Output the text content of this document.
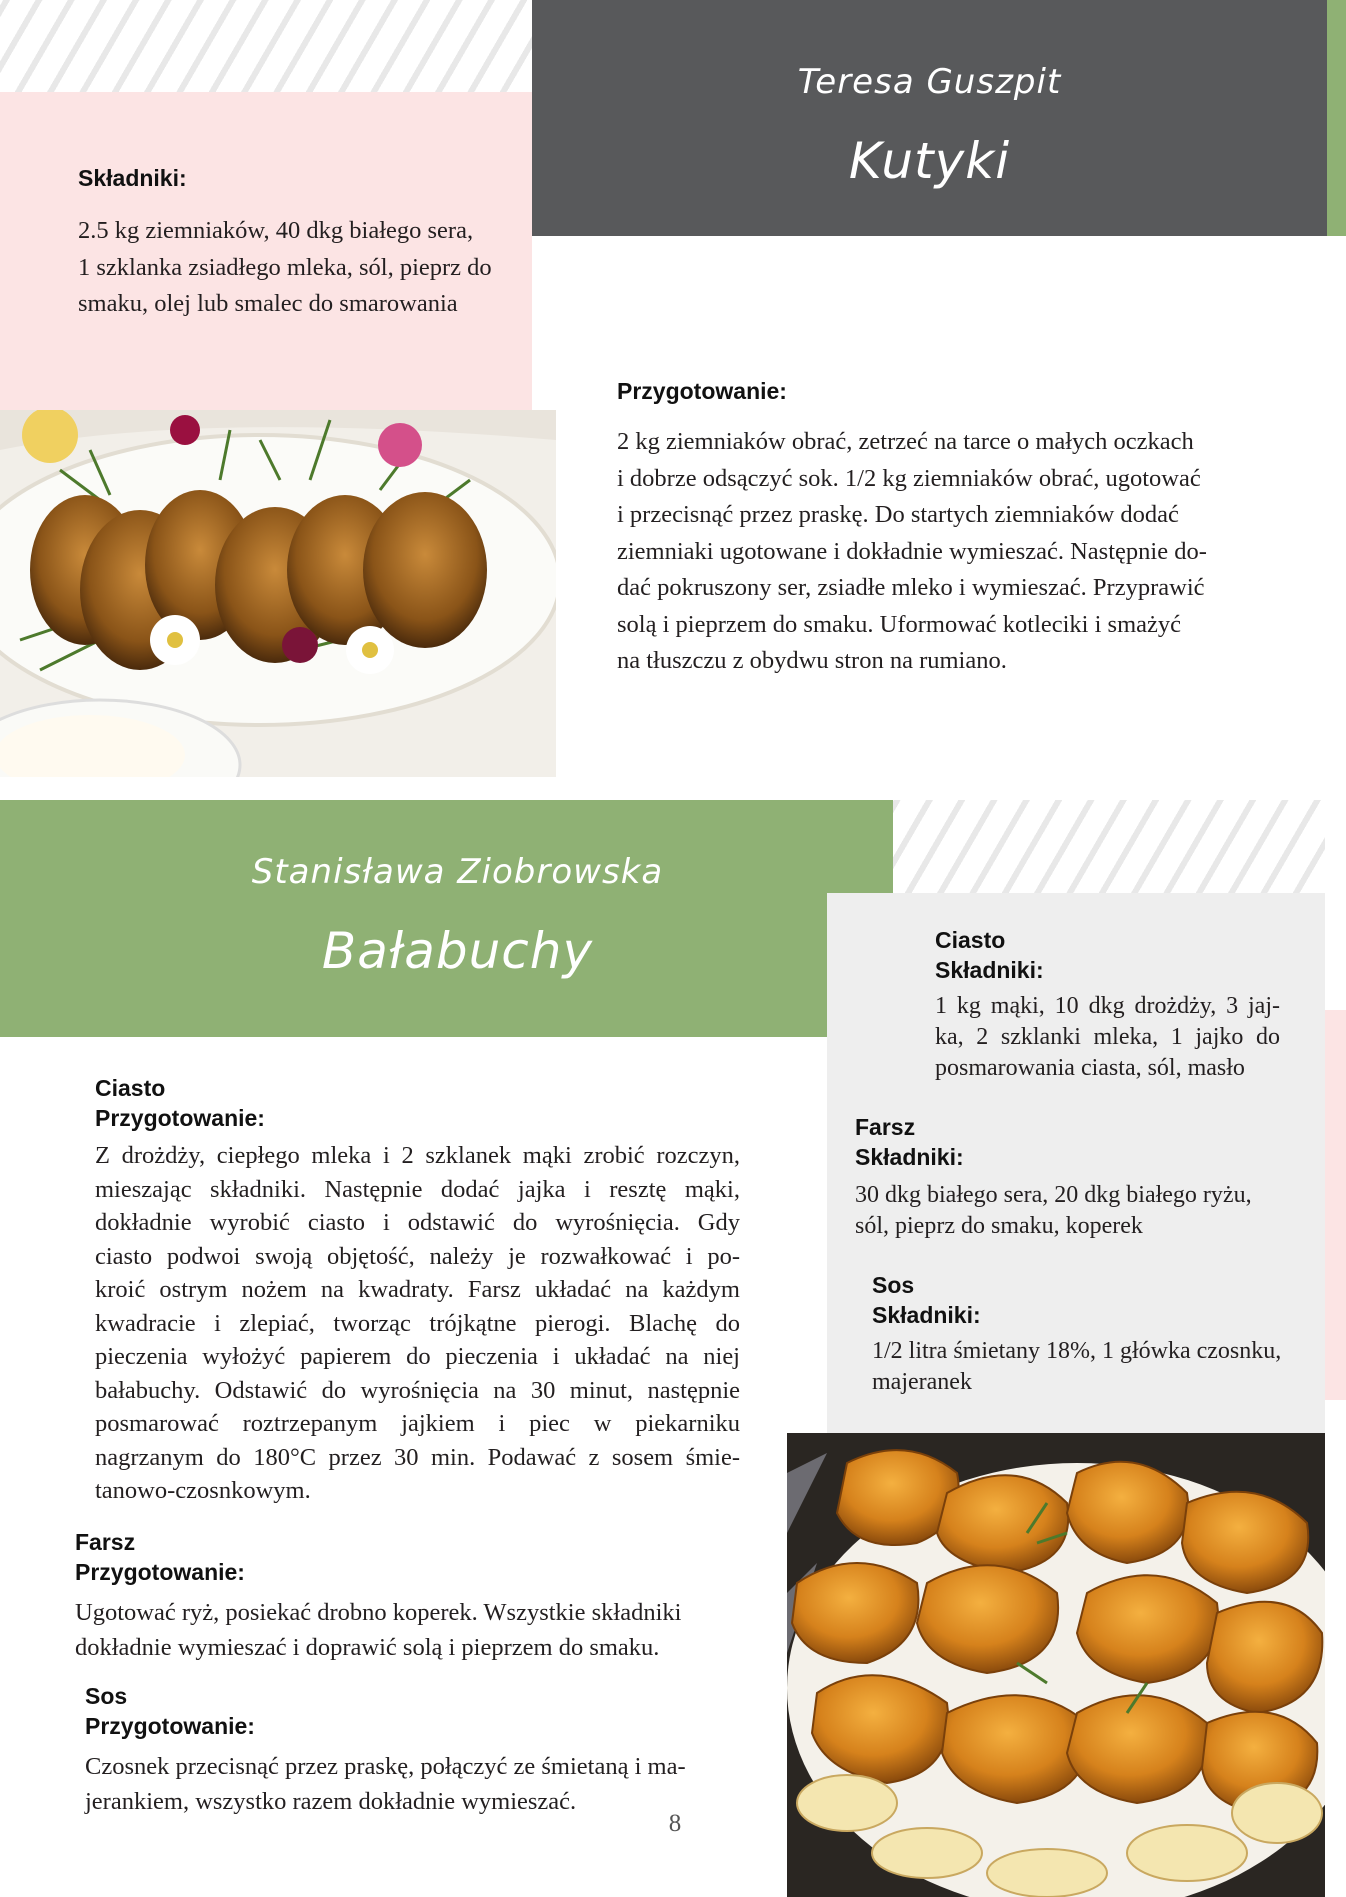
Teresa Guszpit
Kutyki

Składniki:

2.5 kg ziemniaków, 40 dkg białego sera,

1 szklanka zsiadłego mleka, sól, pieprz do

smaku, olej lub smalec do smarowania

Przygotowanie:

2 kg ziemniaków obrać, zetrzeć na tarce o małych oczkach

i dobrze odsączyć sok. 1/2 kg ziemniaków obrać, ugotować

i przecisnąć przez praskę. Do startych ziemniaków dodać

ziemniaki ugotowane i dokładnie wymieszać. Następnie do-

dać pokruszony ser, zsiadłe mleko i wymieszać. Przyprawić

solą i pieprzem do smaku. Uformować kotleciki i smażyć

na tłuszczu z obydwu stron na rumiano.

Stanisława Ziobrowska
Bałabuchy	Ciasto

Składniki:

1 kg mąki, 10 dkg drożdży, 3 jaj-

ka, 2 szklanki mleka, 1 jajko do

posmarowania ciasta, sól, masło

Farsz

Składniki:

30 dkg białego sera, 20 dkg białego ryżu,

sól, pieprz do smaku, koperek

Sos

Składniki:

1/2 litra śmietany 18%, 1 główka czosnku,

majeranek

Ciasto

Przygotowanie:

Z drożdży, ciepłego mleka i 2 szklanek mąki zrobić rozczyn,

mieszając składniki. Następnie dodać jajka i resztę mąki,

dokładnie wyrobić ciasto i odstawić do wyrośnięcia. Gdy

ciasto podwoi swoją objętość, należy je rozwałkować i po-

kroić ostrym nożem na kwadraty. Farsz układać na każdym

kwadracie i zlepiać, tworząc trójkątne pierogi. Blachę do

pieczenia wyłożyć papierem do pieczenia i układać na niej

bałabuchy. Odstawić do wyrośnięcia na 30 minut, następnie

posmarować roztrzepanym jajkiem i piec w piekarniku

nagrzanym do 180°C przez 30 min. Podawać z sosem śmie-

tanowo-czosnkowym.

Farsz

Przygotowanie:

Ugotować ryż, posiekać drobno koperek. Wszystkie składniki

dokładnie wymieszać i doprawić solą i pieprzem do smaku.

Sos

Przygotowanie:

Czosnek przecisnąć przez praskę, połączyć ze śmietaną i ma-

jerankiem, wszystko razem dokładnie wymieszać.

8
